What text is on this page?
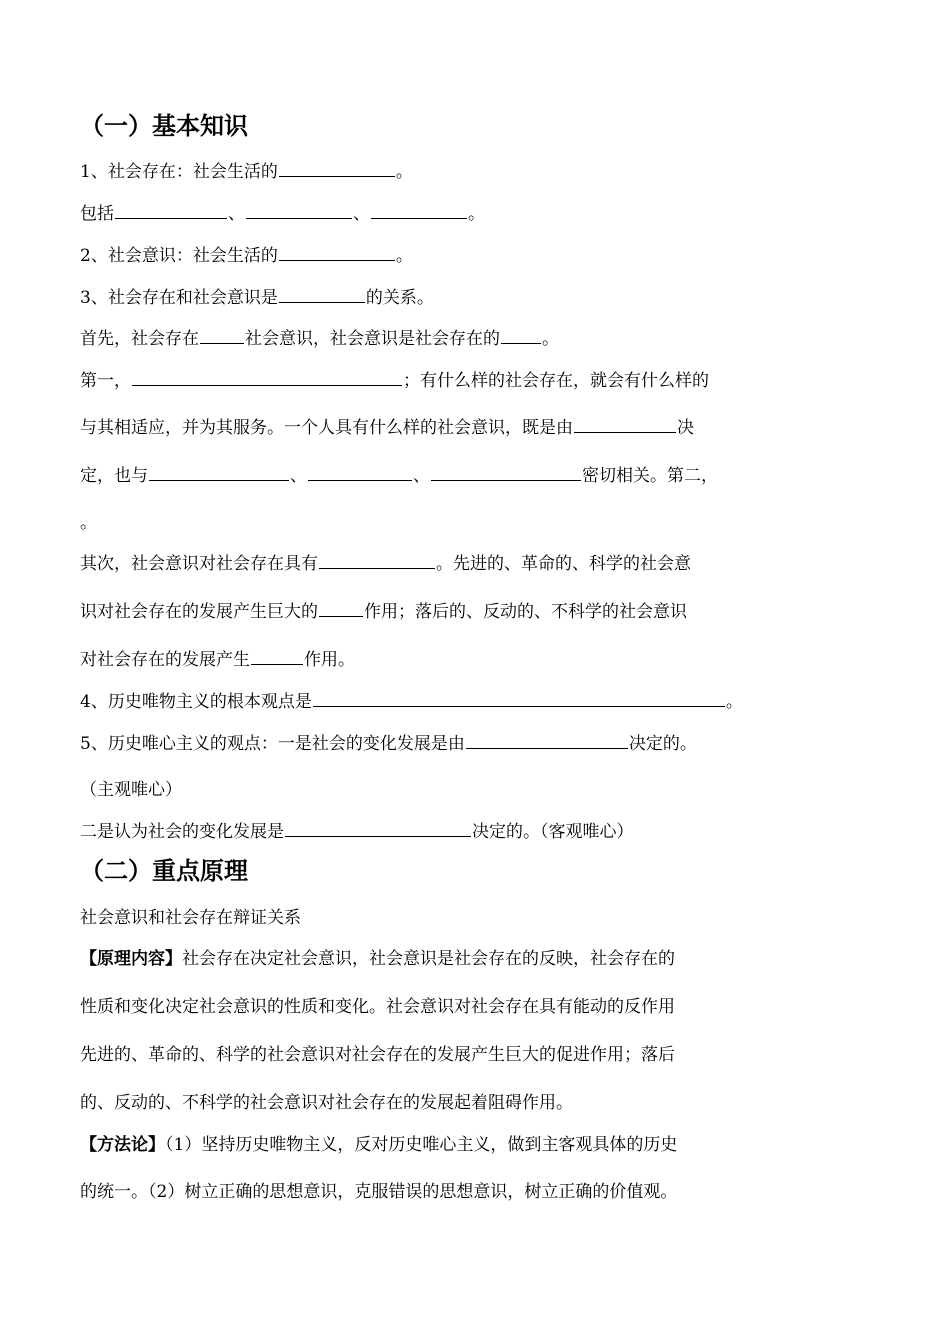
（一）基本知识
1、社会存在：社会生活的	。
包括	、	、	。
2、社会意识：社会生活的	。
3、社会存在和社会意识是	的关系。
首先，社会存在	社会意识，社会意识是社会存在的 。
第一，	；有什么样的社会存在，就会有什么样的
与其相适应，并为其服务。一个人具有什么样的社会意识，既是由	决
定，也与	、	、	密切相关。第二，
。
其次，社会意识对社会存在具有	。先进的、革命的、科学的社会意
识对社会存在的发展产生巨大的	作用；落后的、反动的、不科学的社会意识
对社会存在的发展产生	作用。
4、历史唯物主义的根本观点是	。
5、历史唯心主义的观点：一是社会的变化发展是由	决定的。
（主观唯心）
二是认为社会的变化发展是	决定的。（客观唯心）
（二）重点原理
社会意识和社会存在辩证关系
【原理内容】社会存在决定社会意识，社会意识是社会存在的反映，社会存在的
性质和变化决定社会意识的性质和变化。社会意识对社会存在具有能动的反作用
先进的、革命的、科学的社会意识对社会存在的发展产生巨大的促进作用；落后
的、反动的、不科学的社会意识对社会存在的发展起着阻碍作用。
【方法论】（1）坚持历史唯物主义，反对历史唯心主义，做到主客观具体的历史
的统一。（2）树立正确的思想意识，克服错误的思想意识，树立正确的价值观。
